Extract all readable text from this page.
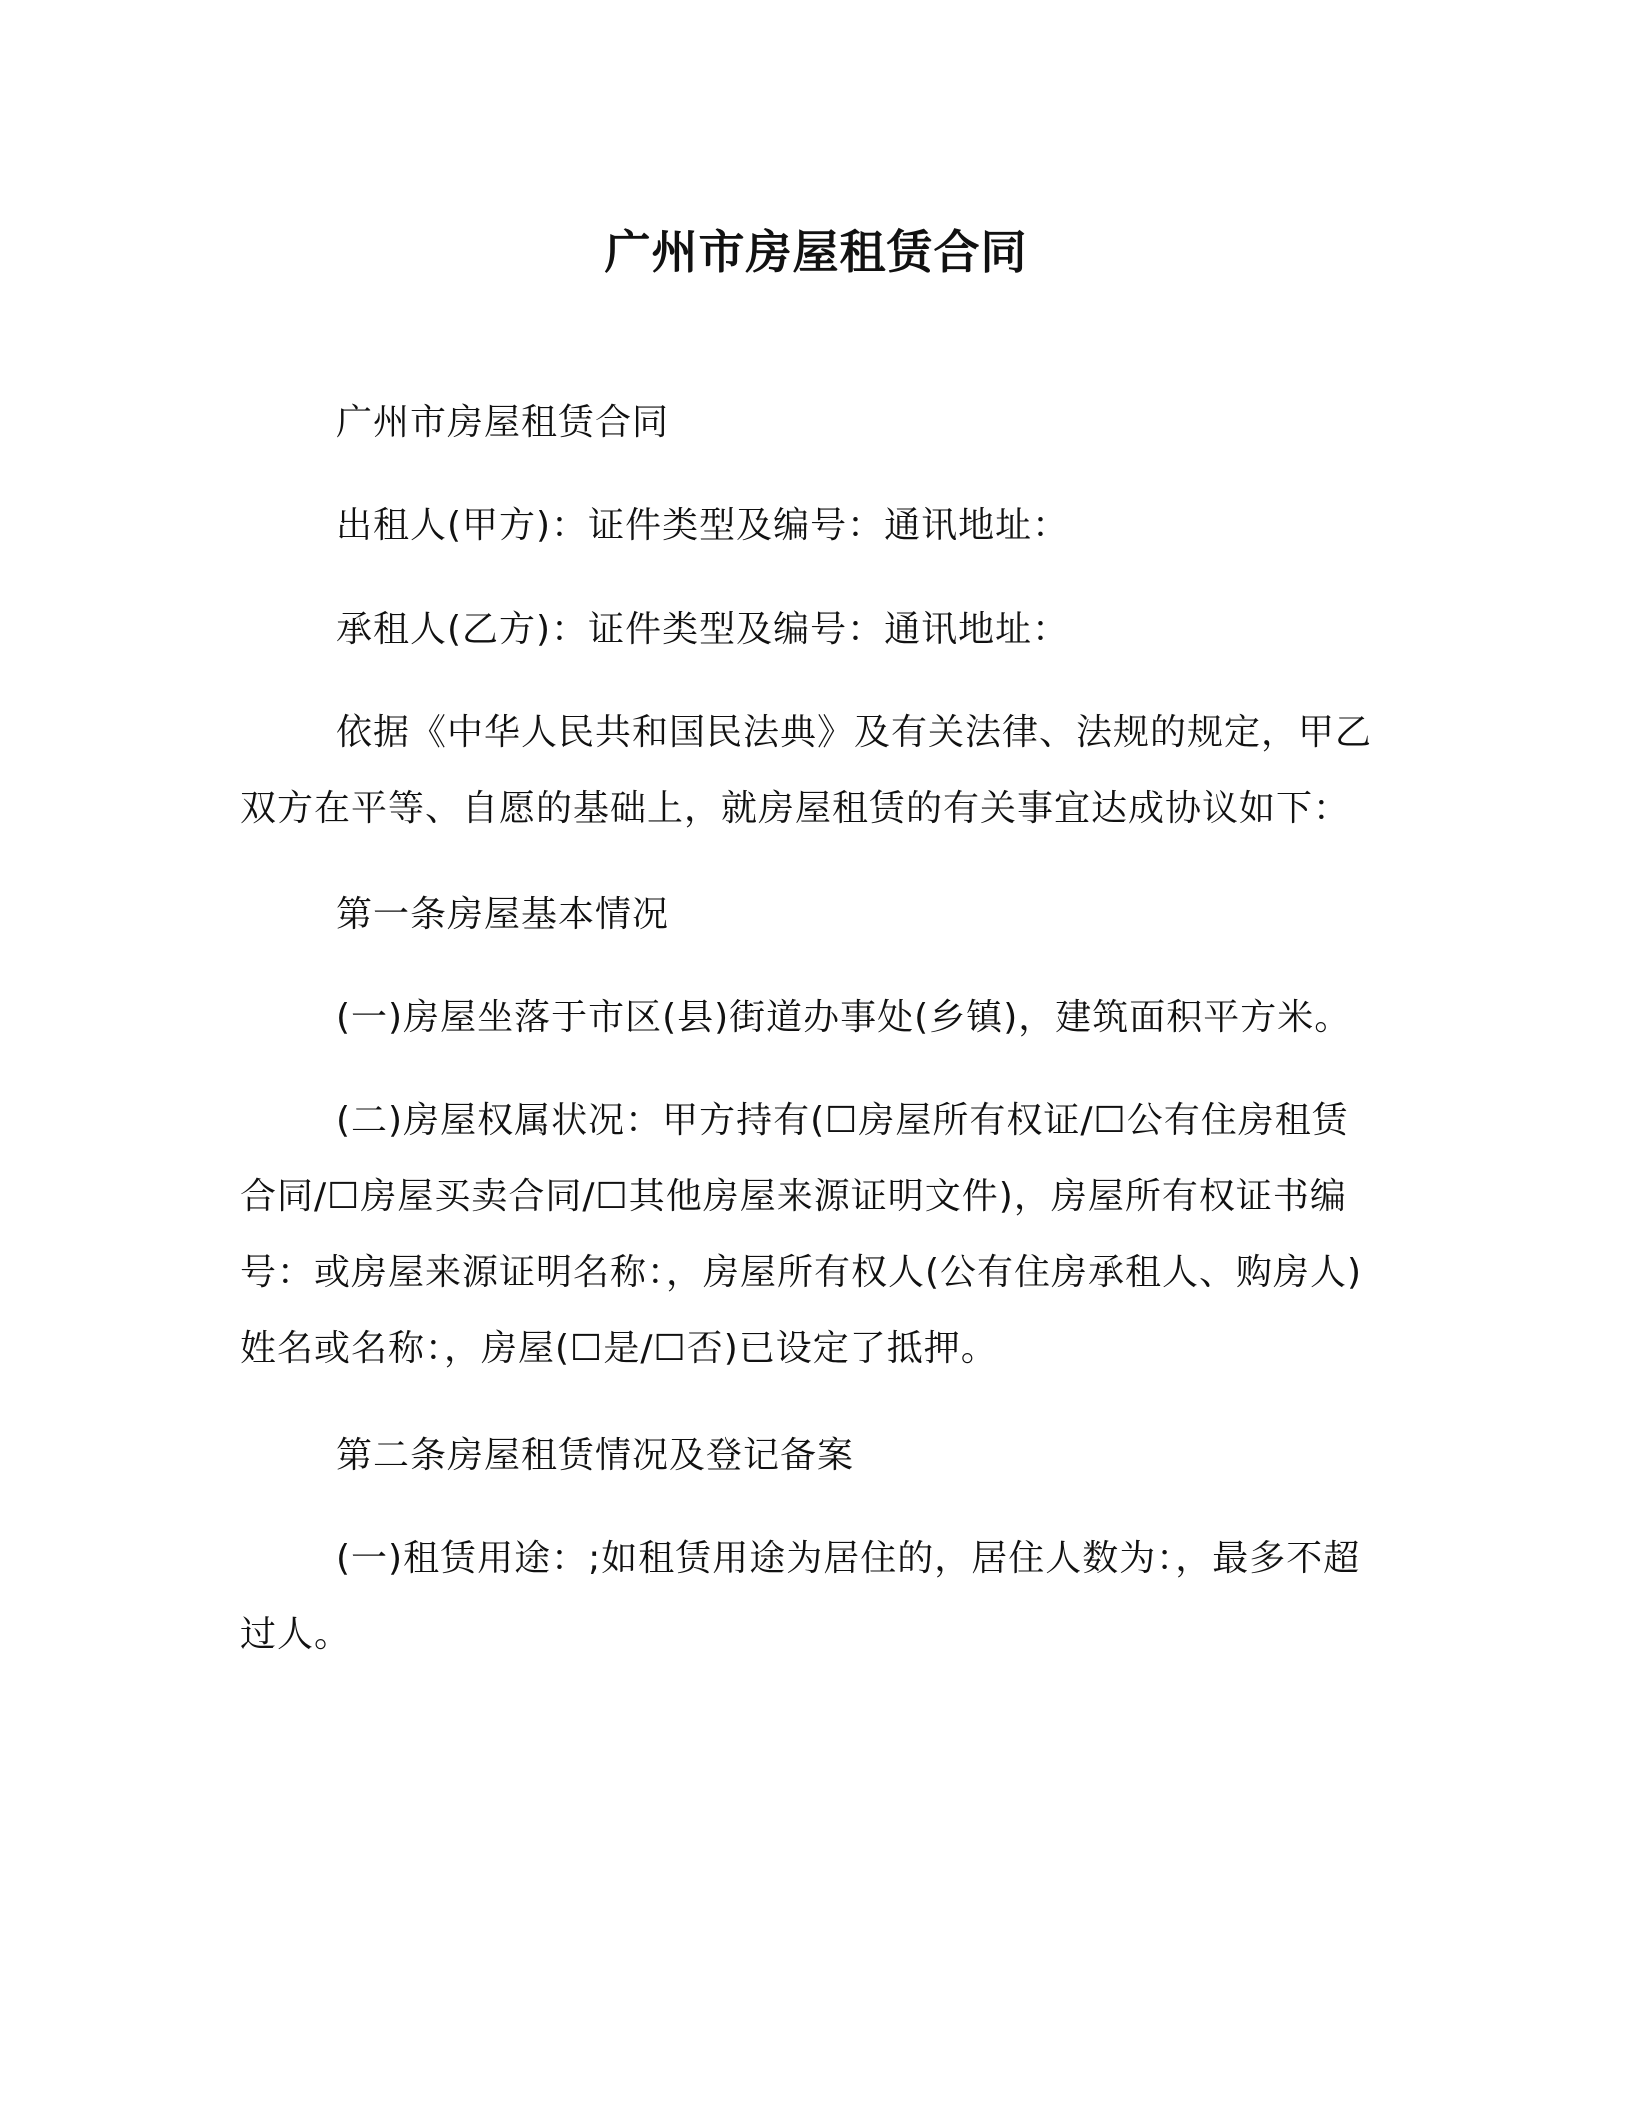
广州市房屋租赁合同

广州市房屋租赁合同

出租人(甲方)：证件类型及编号：通讯地址：

承租人(乙方)：证件类型及编号：通讯地址：

依据《中华人民共和国民法典》及有关法律、法规的规定，甲乙双方在平等、自愿的基础上，就房屋租赁的有关事宜达成协议如下：

第一条房屋基本情况

(一)房屋坐落于市区(县)街道办事处(乡镇)，建筑面积平方米。

(二)房屋权属状况：甲方持有(☐房屋所有权证/☐公有住房租赁合同/☐房屋买卖合同/☐其他房屋来源证明文件)，房屋所有权证书编号：或房屋来源证明名称：，房屋所有权人(公有住房承租人、购房人)姓名或名称：，房屋(☐是/☐否)已设定了抵押。

第二条房屋租赁情况及登记备案

(一)租赁用途：;如租赁用途为居住的，居住人数为：，最多不超过人。
